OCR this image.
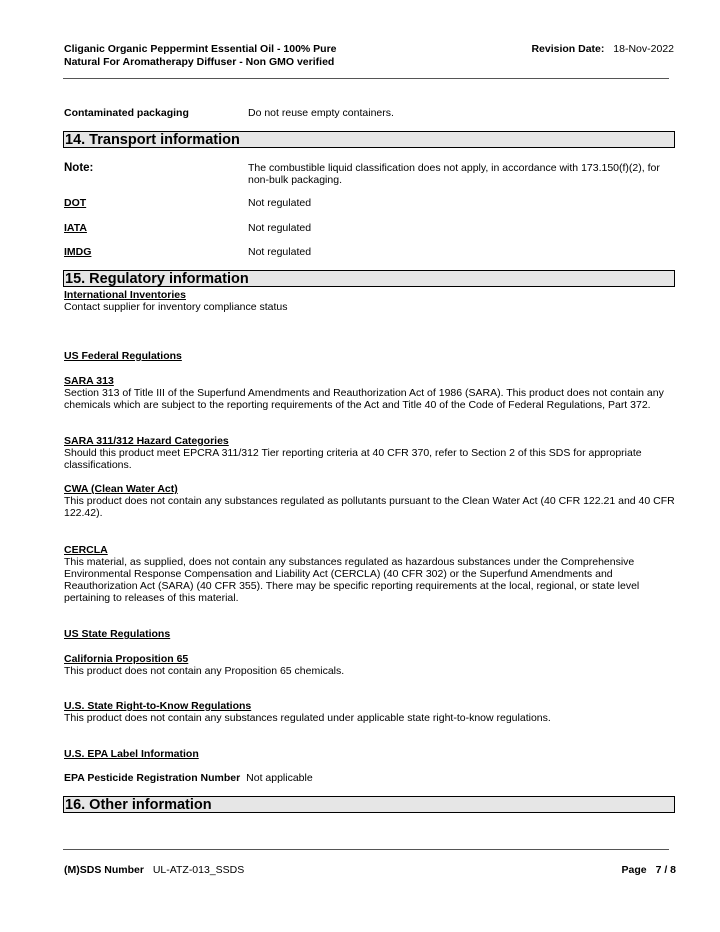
Cliganic Organic Peppermint Essential Oil - 100% Pure
Natural For Aromatherapy Diffuser - Non GMO verified
Revision Date: 18-Nov-2022
Contaminated packaging	Do not reuse empty containers.
14. Transport information
Note:	The combustible liquid classification does not apply, in accordance with 173.150(f)(2), for non-bulk packaging.
DOT	Not regulated
IATA	Not regulated
IMDG	Not regulated
15. Regulatory information
International Inventories
Contact supplier for inventory compliance status
US Federal Regulations
SARA 313
Section 313 of Title III of the Superfund Amendments and Reauthorization Act of 1986 (SARA). This product does not contain any chemicals which are subject to the reporting requirements of the Act and Title 40 of the Code of Federal Regulations, Part 372.
SARA 311/312 Hazard Categories
Should this product meet EPCRA 311/312 Tier reporting criteria at 40 CFR 370, refer to Section 2 of this SDS for appropriate classifications.
CWA (Clean Water Act)
This product does not contain any substances regulated as pollutants pursuant to the Clean Water Act (40 CFR 122.21 and 40 CFR 122.42).
CERCLA
This material, as supplied, does not contain any substances regulated as hazardous substances under the Comprehensive Environmental Response Compensation and Liability Act (CERCLA) (40 CFR 302) or the Superfund Amendments and Reauthorization Act (SARA) (40 CFR 355). There may be specific reporting requirements at the local, regional, or state level pertaining to releases of this material.
US State Regulations
California Proposition 65
This product does not contain any Proposition 65 chemicals.
U.S. State Right-to-Know Regulations
This product does not contain any substances regulated under applicable state right-to-know regulations.
U.S. EPA Label Information
EPA Pesticide Registration Number Not applicable
16. Other information
(M)SDS Number UL-ATZ-013_SSDS	Page 7 / 8
